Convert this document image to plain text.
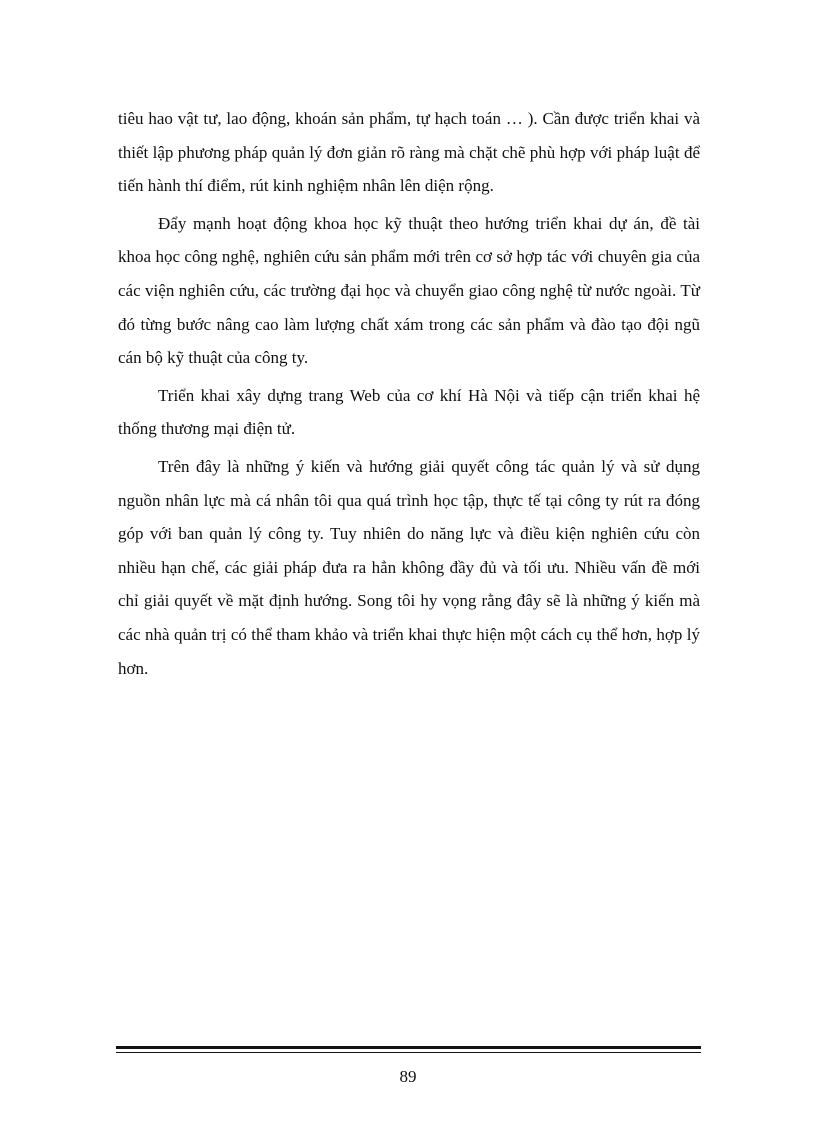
tiêu hao vật tư, lao động, khoán sản phẩm, tự hạch toán … ). Cần được triển khai và thiết lập phương pháp quản lý đơn giản rõ ràng mà chặt chẽ phù hợp với pháp luật để tiến hành thí điểm, rút kinh nghiệm nhân lên diện rộng.

Đẩy mạnh hoạt động khoa học kỹ thuật theo hướng triển khai dự án, đề tài khoa học công nghệ, nghiên cứu sản phẩm mới trên cơ sở hợp tác với chuyên gia của các viện nghiên cứu, các trường đại học và chuyển giao công nghệ từ nước ngoài. Từ đó từng bước nâng cao làm lượng chất xám trong các sản phẩm và đào tạo đội ngũ cán bộ kỹ thuật của công ty.

Triển khai xây dựng trang Web của cơ khí Hà Nội và tiếp cận triển khai hệ thống thương mại điện tử.

Trên đây là những ý kiến và hướng giải quyết công tác quản lý và sử dụng nguồn nhân lực mà cá nhân tôi qua quá trình học tập, thực tế tại công ty rút ra đóng góp với ban quản lý công ty. Tuy nhiên do năng lực và điều kiện nghiên cứu còn nhiều hạn chế, các giải pháp đưa ra hẳn không đầy đủ và tối ưu. Nhiều vấn đề mới chỉ giải quyết về mặt định hướng. Song tôi hy vọng rằng đây sẽ là những ý kiến mà các nhà quản trị có thể tham khảo và triển khai thực hiện một cách cụ thể hơn, hợp lý hơn.

89
